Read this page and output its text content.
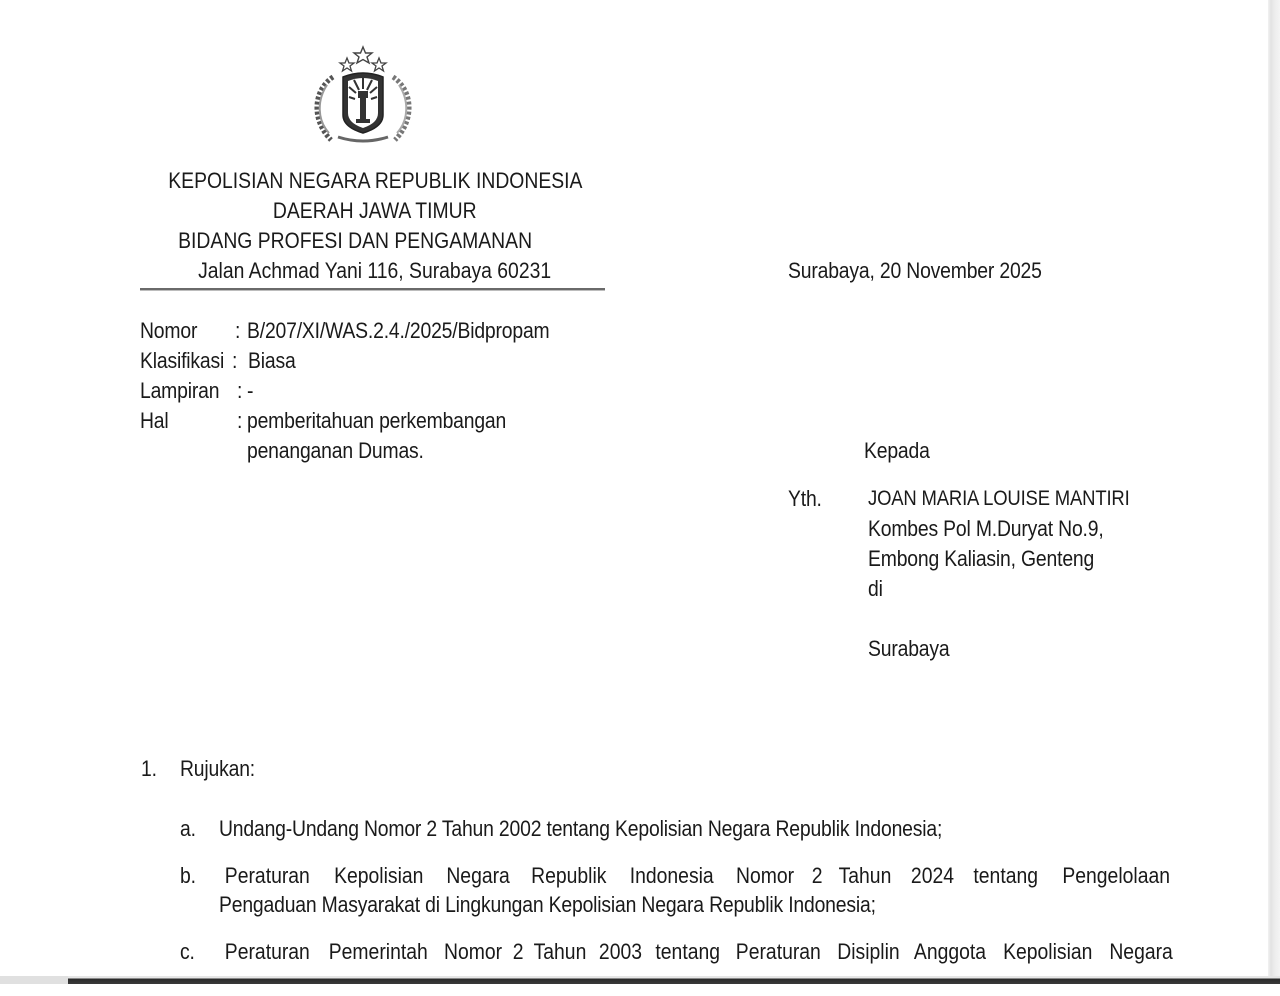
KEPOLISIAN NEGARA REPUBLIK INDONESIA
DAERAH JAWA TIMUR
BIDANG PROFESI DAN PENGAMANAN
Jalan Achmad Yani 116, Surabaya 60231	Surabaya, 20 November 2025
Nomor : B/207/XI/WAS.2.4./2025/Bidpropam
Klasifikasi : Biasa
Lampiran : -
Hal	: pemberitahuan perkembangan
penanganan Dumas.	Kepada
Yth. JOAN MARIA LOUISE MANTIRI
Kombes Pol M.Duryat No.9,
Embong Kaliasin, Genteng
di
Surabaya
1. Rujukan:
a. Undang-Undang Nomor 2 Tahun 2002 tentang Kepolisian Negara Republik Indonesia;
b. Peraturan Kepolisian Negara Republik Indonesia Nomor 2 Tahun 2024 tentang Pengelolaan
Pengaduan Masyarakat di Lingkungan Kepolisian Negara Republik Indonesia;
c. Peraturan Pemerintah Nomor 2 Tahun 2003 tentang Peraturan Disiplin Anggota Kepolisian Negara
